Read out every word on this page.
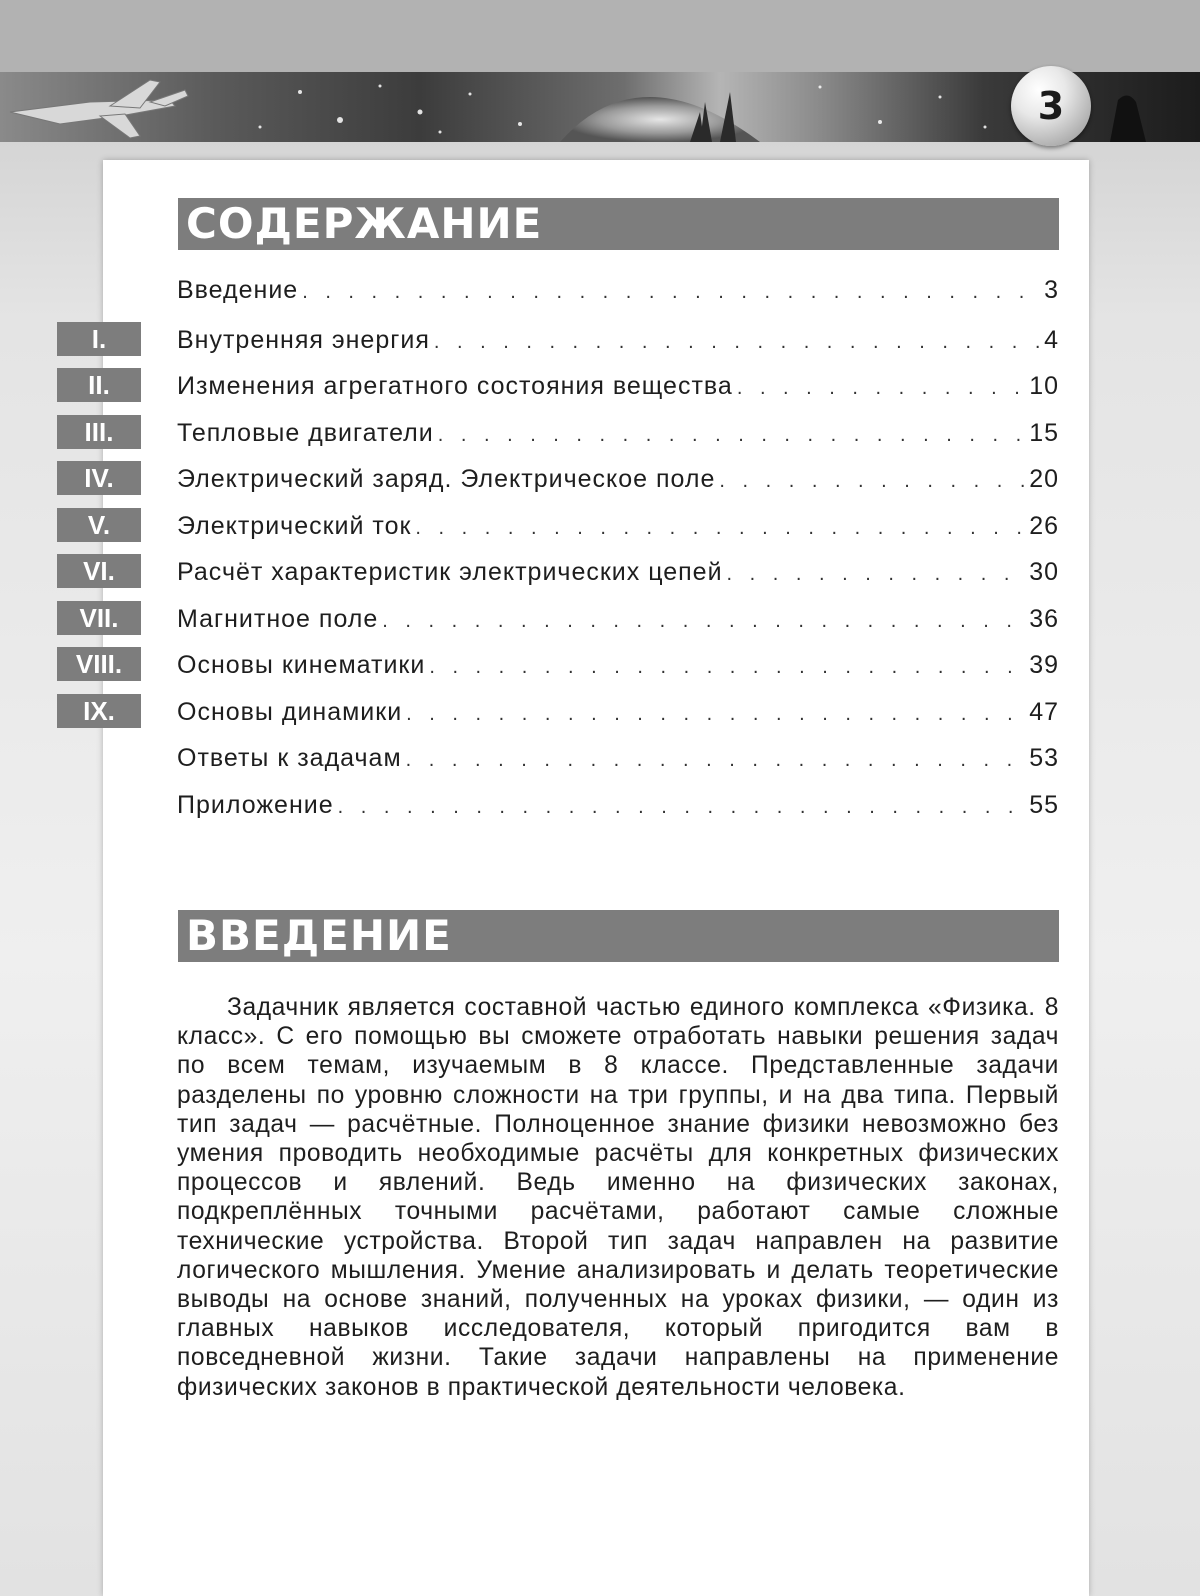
3
СОДЕРЖАНИЕ
Введение . . .	3
I.	Внутренняя энергия . . .	4
II.	Изменения агрегатного состояния вещества . . .	10
III.	Тепловые двигатели . . .	15
IV.	Электрический заряд. Электрическое поле . . .	20
V.	Электрический ток . . .	26
VI.	Расчёт характеристик электрических цепей . . .	30
VII.	Магнитное поле . . .	36
VIII.	Основы кинематики . . .	39
IX.	Основы динамики . . .	47
Ответы к задачам . . .	53
Приложение . . .	55
ВВЕДЕНИЕ

Задачник является составной частью единого комплекса «Физика. 8 класс». С его помощью вы сможете отработать навыки решения задач по всем темам, изучаемым в 8 классе. Представленные задачи разделены по уровню сложности на три группы, и на два типа. Первый тип задач — расчётные. Полноценное знание физики невозможно без умения проводить необходимые расчёты для конкретных физических процессов и явлений. Ведь именно на физических законах, подкреплённых точными расчётами, работают самые сложные технические устройства. Второй тип задач направлен на развитие логического мышления. Умение анализировать и делать теоретические выводы на основе знаний, полученных на уроках физики, — один из главных навыков исследователя, который пригодится вам в повседневной жизни. Такие задачи направлены на применение физических законов в практической деятельности человека.
